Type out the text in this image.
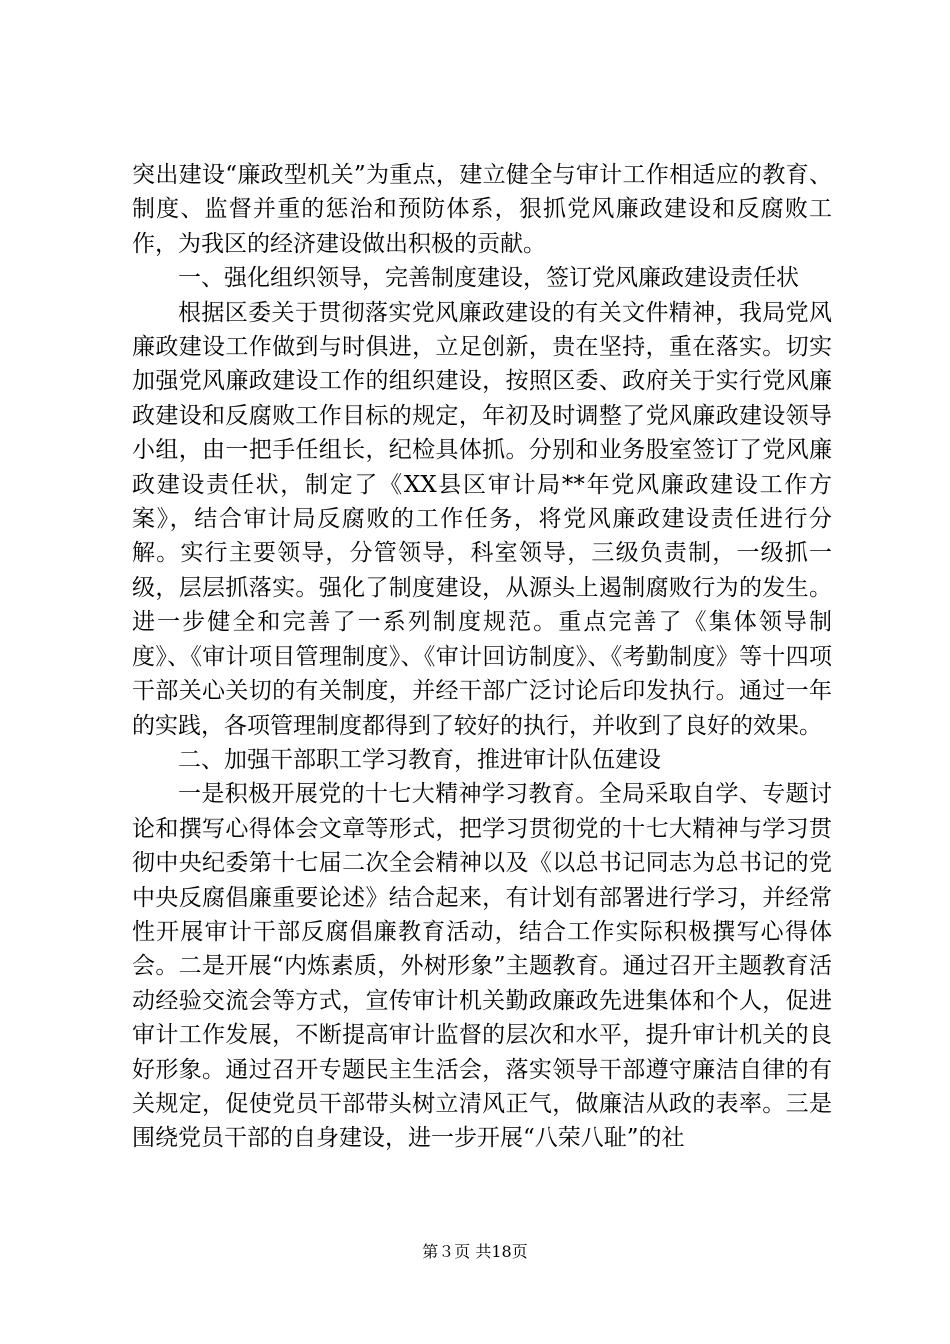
突出建设“廉政型机关”为重点，建立健全与审计工作相适应的教育、制度、监督并重的惩治和预防体系，狠抓党风廉政建设和反腐败工作，为我区的经济建设做出积极的贡献。

一、强化组织领导，完善制度建设，签订党风廉政建设责任状

根据区委关于贯彻落实党风廉政建设的有关文件精神，我局党风廉政建设工作做到与时俱进，立足创新，贵在坚持，重在落实。切实加强党风廉政建设工作的组织建设，按照区委、政府关于实行党风廉政建设和反腐败工作目标的规定，年初及时调整了党风廉政建设领导小组，由一把手任组长，纪检具体抓。分别和业务股室签订了党风廉政建设责任状，制定了《XX县区审计局**年党风廉政建设工作方案》，结合审计局反腐败的工作任务，将党风廉政建设责任进行分解。实行主要领导，分管领导，科室领导，三级负责制，一级抓一级，层层抓落实。强化了制度建设，从源头上遏制腐败行为的发生。进一步健全和完善了一系列制度规范。重点完善了《集体领导制度》、《审计项目管理制度》、《审计回访制度》、《考勤制度》等十四项干部关心关切的有关制度，并经干部广泛讨论后印发执行。通过一年的实践，各项管理制度都得到了较好的执行，并收到了良好的效果。

二、加强干部职工学习教育，推进审计队伍建设

一是积极开展党的十七大精神学习教育。全局采取自学、专题讨论和撰写心得体会文章等形式，把学习贯彻党的十七大精神与学习贯彻中央纪委第十七届二次全会精神以及《以总书记同志为总书记的党中央反腐倡廉重要论述》结合起来，有计划有部署进行学习，并经常性开展审计干部反腐倡廉教育活动，结合工作实际积极撰写心得体会。二是开展“内炼素质，外树形象”主题教育。通过召开主题教育活动经验交流会等方式，宣传审计机关勤政廉政先进集体和个人，促进审计工作发展，不断提高审计监督的层次和水平，提升审计机关的良好形象。通过召开专题民主生活会，落实领导干部遵守廉洁自律的有关规定，促使党员干部带头树立清风正气，做廉洁从政的表率。三是围绕党员干部的自身建设，进一步开展“八荣八耻”的社

第３页 共18页
